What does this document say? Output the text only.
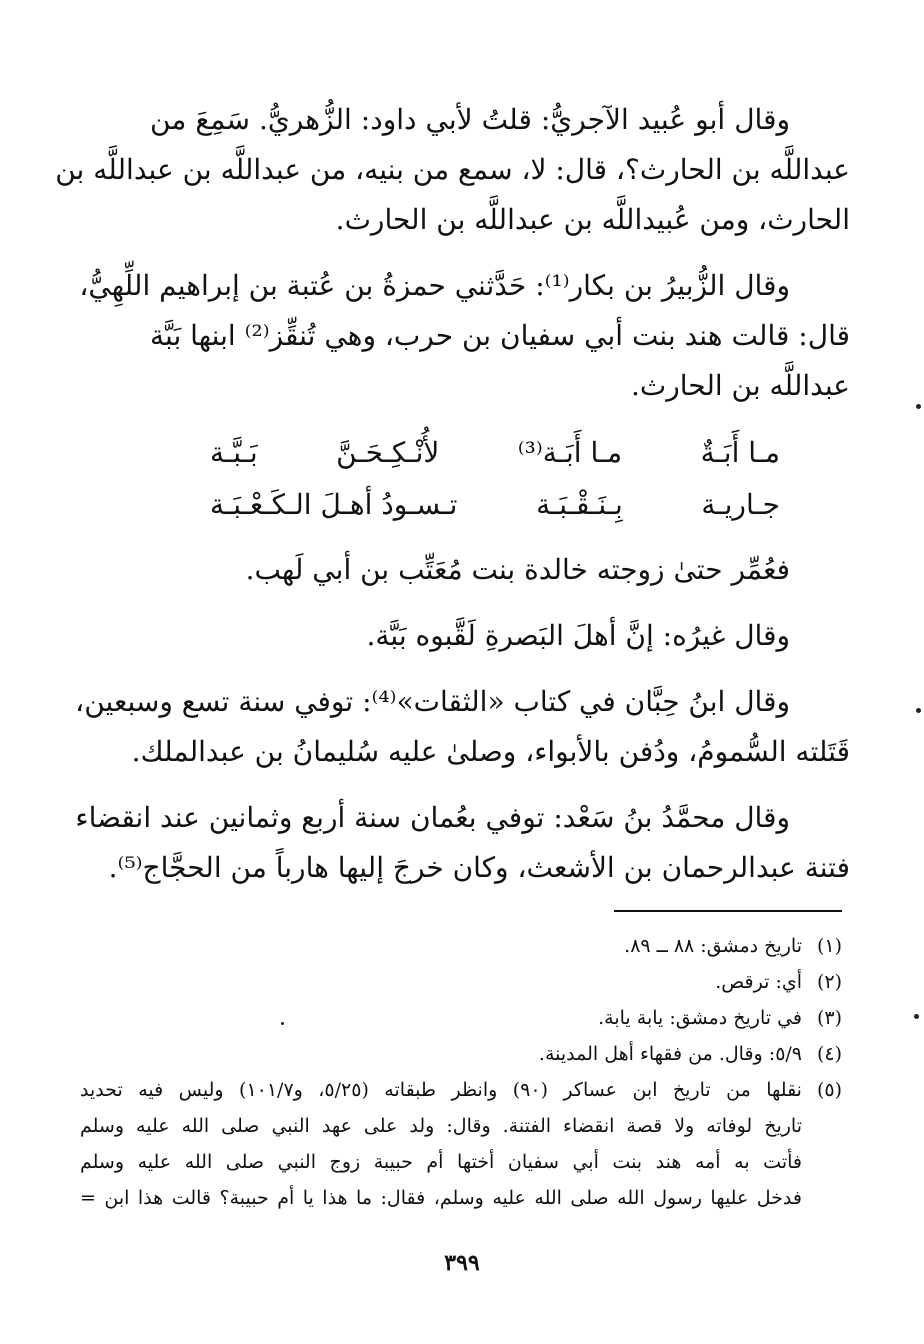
وقال أبو عُبيد الآجريُّ: قلتُ لأبي داود: الزُّهريُّ. سَمِعَ من
عبداللَّه بن الحارث؟، قال: لا، سمع من بنيه، من عبداللَّه بن عبداللَّه بن
الحارث، ومن عُبيداللَّه بن عبداللَّه بن الحارث.

وقال الزُّبيرُ بن بكار⁽¹⁾: حَدَّثني حمزةُ بن عُتبة بن إبراهيم اللِّهِيُّ،
قال: قالت هند بنت أبي سفيان بن حرب، وهي تُنقِّز⁽²⁾ ابنها بَبَّة
عبداللَّه بن الحارث.

مـا أَبَـةٌ
مـا أَبَـة⁽³⁾
لأُنْـكِـحَـنَّ
بَـبَّـة
جـاريـة
بِـنَـقْـبَـة
تـسـودُ أهـلَ الـكَـعْـبَـة

فعُمِّر حتىٰ زوجته خالدة بنت مُعَتِّب بن أبي لَهب.

وقال غيرُه: إنَّ أهلَ البَصرةِ لَقَّبوه بَبَّة.

وقال ابنُ حِبَّان في كتاب «الثقات»⁽⁴⁾: توفي سنة تسع وسبعين،
قَتَلته السُّمومُ، ودُفن بالأبواء، وصلىٰ عليه سُليمانُ بن عبدالملك.

وقال محمَّدُ بنُ سَعْد: توفي بعُمان سنة أربع وثمانين عند انقضاء
فتنة عبدالرحمان بن الأشعث، وكان خرجَ إليها هارباً من الحجَّاج⁽⁵⁾.

(١)
تاريخ دمشق: ٨٨ ــ ٨٩.
(٢)
أي: ترقص.
(٣)
في تاريخ دمشق: يابة يابة.
(٤)
٥/٩: وقال. من فقهاء أهل المدينة.
(٥)
نقلها من تاريخ ابن عساكر (٩٠) وانظر طبقاته (٥/٢٥، و١٠١/٧) وليس فيه تحديد
تاريخ لوفاته ولا قصة انقضاء الفتنة. وقال: ولد على عهد النبي صلى الله عليه وسلم
فأتت به أمه هند بنت أبي سفيان أختها أم حبيبة زوج النبي صلى الله عليه وسلم
فدخل عليها رسول الله صلى الله عليه وسلم، فقال: ما هذا يا أم حبيبة؟ قالت هذا ابن =
٣٩٩
